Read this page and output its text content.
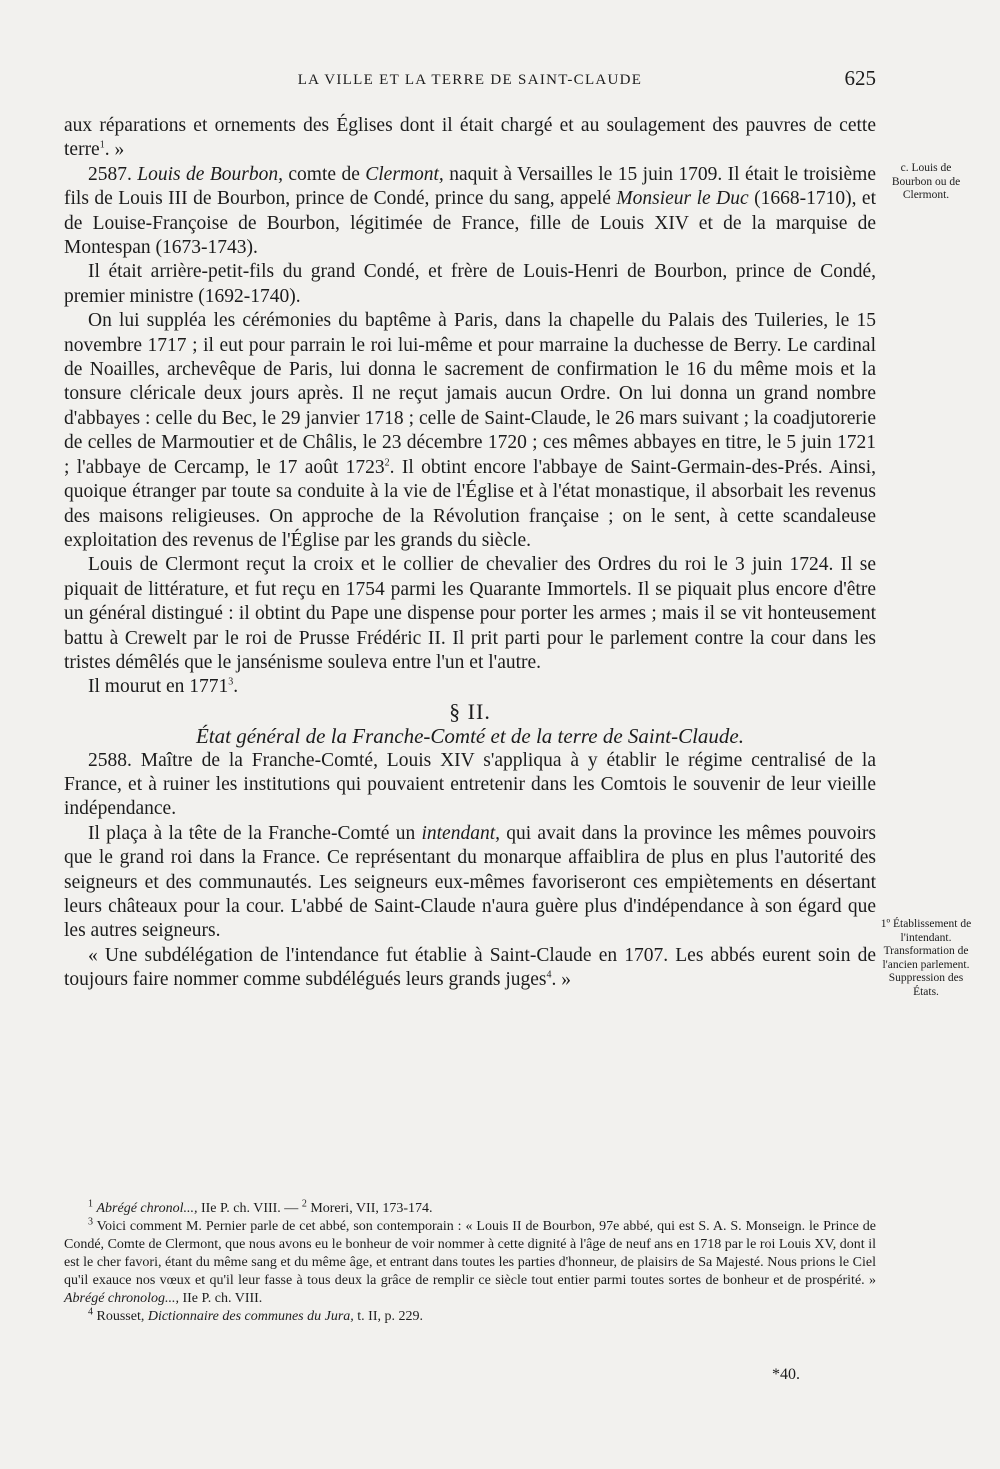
LA VILLE ET LA TERRE DE SAINT-CLAUDE	625
c. Louis de Bourbon ou de Clermont.
1º Établissement de l'intendant. Transformation de l'ancien parlement. Suppression des États.

aux réparations et ornements des Églises dont il était chargé et au soulagement des pauvres de cette terre$^1$. »

2587. Louis de Bourbon, comte de Clermont, naquit à Versailles le 15 juin 1709. Il était le troisième fils de Louis III de Bourbon, prince de Condé, prince du sang, appelé Monsieur le Duc (1668-1710), et de Louise-Françoise de Bourbon, légitimée de France, fille de Louis XIV et de la marquise de Montespan (1673-1743).

Il était arrière-petit-fils du grand Condé, et frère de Louis-Henri de Bourbon, prince de Condé, premier ministre (1692-1740).

On lui suppléa les cérémonies du baptême à Paris, dans la chapelle du Palais des Tuileries, le 15 novembre 1717 ; il eut pour parrain le roi lui-même et pour marraine la duchesse de Berry. Le cardinal de Noailles, archevêque de Paris, lui donna le sacrement de confirmation le 16 du même mois et la tonsure cléricale deux jours après. Il ne reçut jamais aucun Ordre. On lui donna un grand nombre d'abbayes : celle du Bec, le 29 janvier 1718 ; celle de Saint-Claude, le 26 mars suivant ; la coadjutorerie de celles de Marmoutier et de Châlis, le 23 décembre 1720 ; ces mêmes abbayes en titre, le 5 juin 1721 ; l'abbaye de Cercamp, le 17 août 1723$^2$. Il obtint encore l'abbaye de Saint-Germain-des-Prés. Ainsi, quoique étranger par toute sa conduite à la vie de l'Église et à l'état monastique, il absorbait les revenus des maisons religieuses. On approche de la Révolution française ; on le sent, à cette scandaleuse exploitation des revenus de l'Église par les grands du siècle.

Louis de Clermont reçut la croix et le collier de chevalier des Ordres du roi le 3 juin 1724. Il se piquait de littérature, et fut reçu en 1754 parmi les Quarante Immortels. Il se piquait plus encore d'être un général distingué : il obtint du Pape une dispense pour porter les armes ; mais il se vit honteusement battu à Crewelt par le roi de Prusse Frédéric II. Il prit parti pour le parlement contre la cour dans les tristes démêlés que le jansénisme souleva entre l'un et l'autre.

Il mourut en 1771$^3$.

§ II.

État général de la Franche-Comté et de la terre de Saint-Claude.

2588. Maître de la Franche-Comté, Louis XIV s'appliqua à y établir le régime centralisé de la France, et à ruiner les institutions qui pouvaient entretenir dans les Comtois le souvenir de leur vieille indépendance.

Il plaça à la tête de la Franche-Comté un intendant, qui avait dans la province les mêmes pouvoirs que le grand roi dans la France. Ce représentant du monarque affaiblira de plus en plus l'autorité des seigneurs et des communautés. Les seigneurs eux-mêmes favoriseront ces empiètements en désertant leurs châteaux pour la cour. L'abbé de Saint-Claude n'aura guère plus d'indépendance à son égard que les autres seigneurs.

« Une subdélégation de l'intendance fut établie à Saint-Claude en 1707. Les abbés eurent soin de toujours faire nommer comme subdélégués leurs grands juges$^4$. »

$^1$ Abrégé chronol..., IIe P. ch. VIII. — $^2$ Moreri, VII, 173-174.

$^3$ Voici comment M. Pernier parle de cet abbé, son contemporain : « Louis II de Bourbon, 97e abbé, qui est S. A. S. Monseign. le Prince de Condé, Comte de Clermont, que nous avons eu le bonheur de voir nommer à cette dignité à l'âge de neuf ans en 1718 par le roi Louis XV, dont il est le cher favori, étant du même sang et du même âge, et entrant dans toutes les parties d'honneur, de plaisirs de Sa Majesté. Nous prions le Ciel qu'il exauce nos vœux et qu'il leur fasse à tous deux la grâce de remplir ce siècle tout entier parmi toutes sortes de bonheur et de prospérité. » Abrégé chronolog..., IIe P. ch. VIII.

$^4$ Rousset, Dictionnaire des communes du Jura, t. II, p. 229.

*40.
